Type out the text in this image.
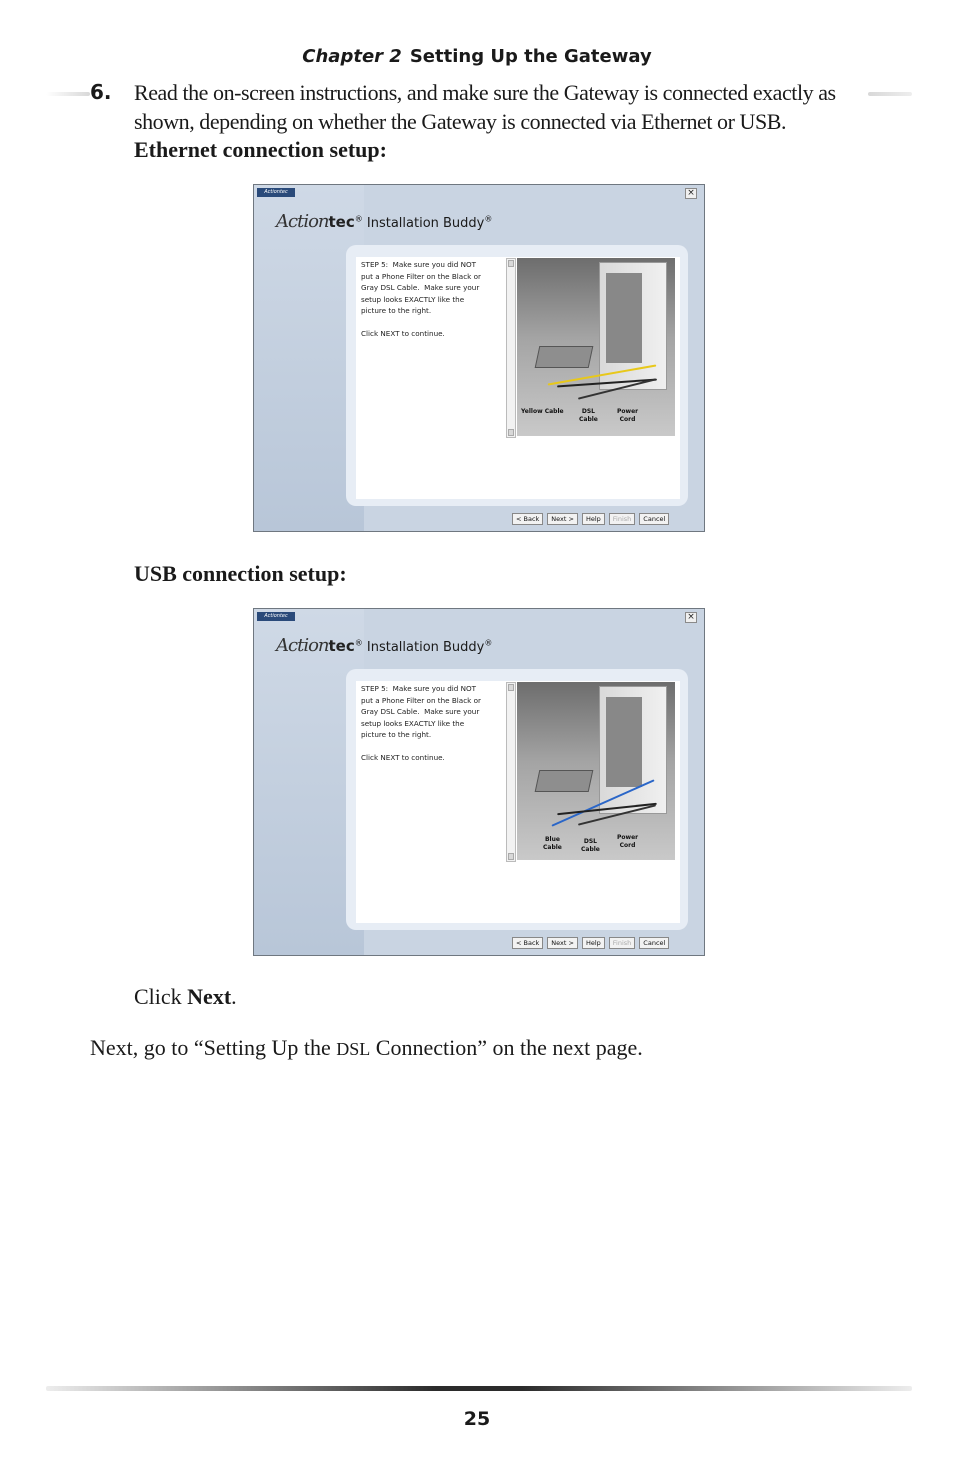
Chapter 2 Setting Up the Gateway
6. Read the on-screen instructions, and make sure the Gateway is connected exactly as shown, depending on whether the Gateway is connected via Ethernet or USB.
Ethernet connection setup:
Actiontec	×
Actiontec® Installation Buddy®
STEP 5:  Make sure you did NOT
put a Phone Filter on the Black or
Gray DSL Cable.  Make sure your
setup looks EXACTLY like the
picture to the right.

Click NEXT to continue.
Yellow Cable	DSL
Cable
Power
Cord
< Back	Next >	Help	Finish	Cancel
USB connection setup:
Actiontec	×
Actiontec® Installation Buddy®
STEP 5:  Make sure you did NOT
put a Phone Filter on the Black or
Gray DSL Cable.  Make sure your
setup looks EXACTLY like the
picture to the right.

Click NEXT to continue.
Blue
Cable
DSL
Cable
Power
Cord
< Back	Next >	Help	Finish	Cancel
Click Next.
Next, go to “Setting Up the DSL Connection” on the next page.
25
